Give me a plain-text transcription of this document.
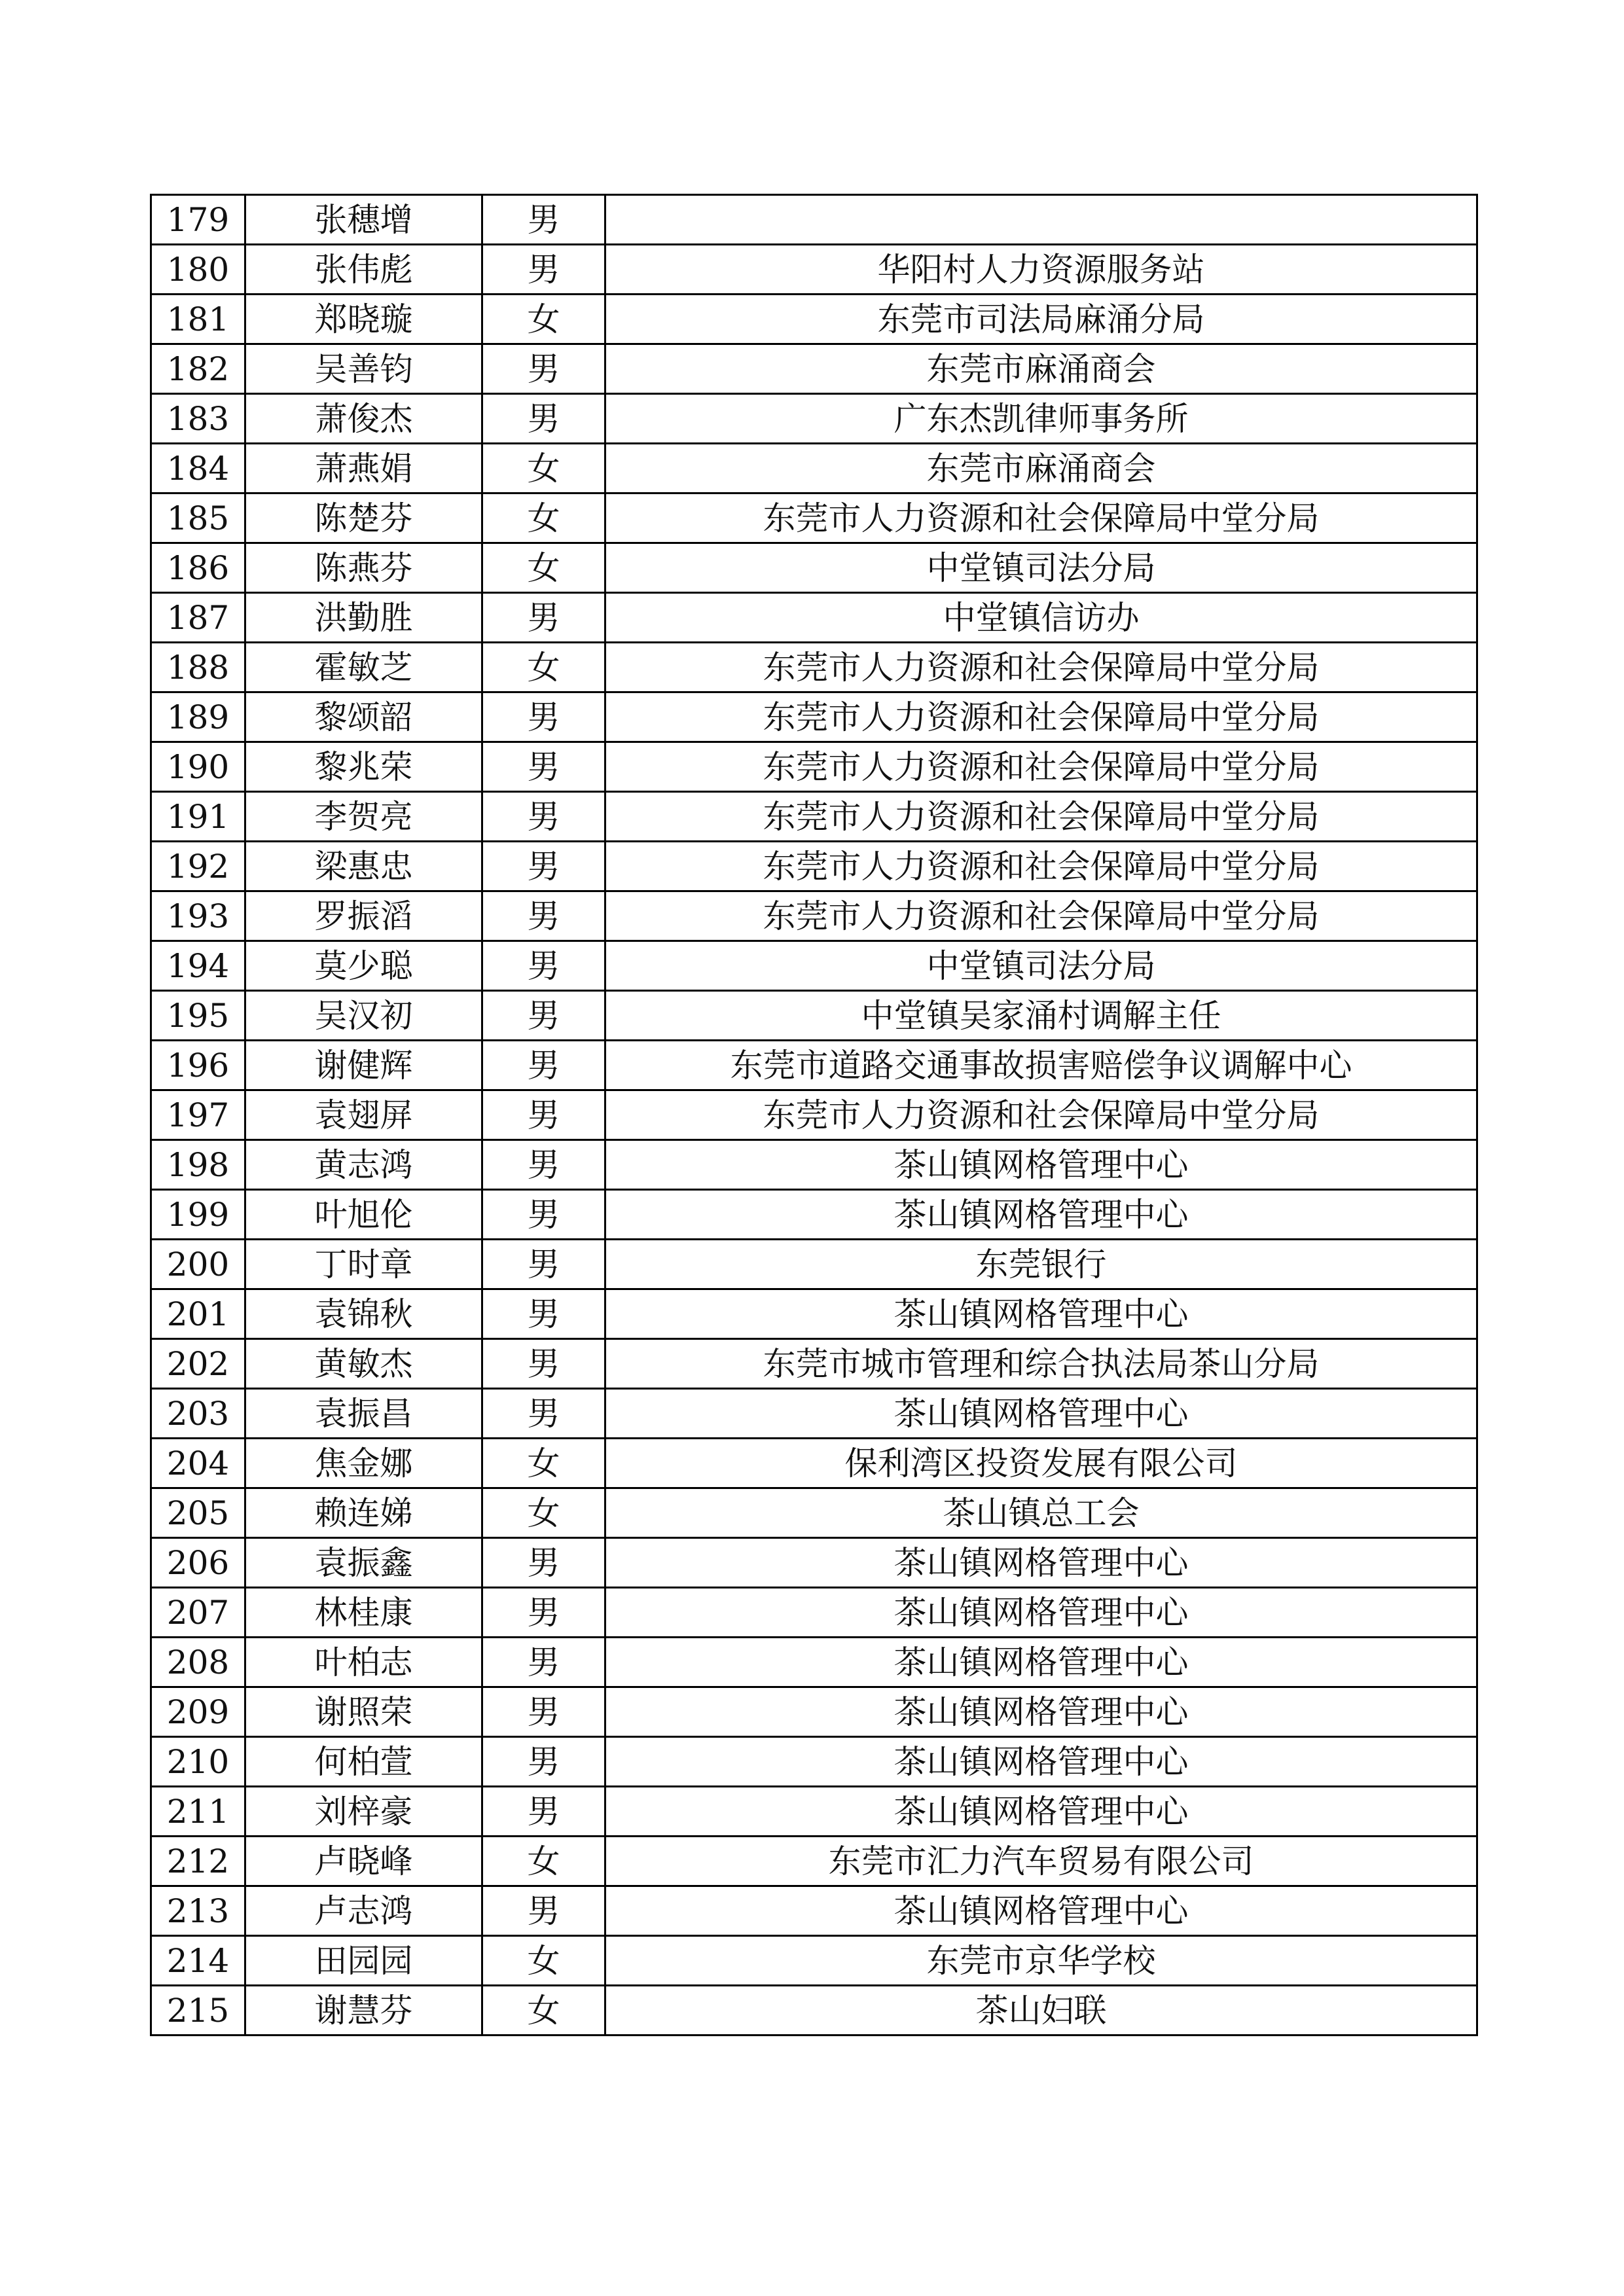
179	张穗增	男	
180	张伟彪	男	华阳村人力资源服务站
181	郑晓璇	女	东莞市司法局麻涌分局
182	吴善钧	男	东莞市麻涌商会
183	萧俊杰	男	广东杰凯律师事务所
184	萧燕娟	女	东莞市麻涌商会
185	陈楚芬	女	东莞市人力资源和社会保障局中堂分局
186	陈燕芬	女	中堂镇司法分局
187	洪勤胜	男	中堂镇信访办
188	霍敏芝	女	东莞市人力资源和社会保障局中堂分局
189	黎颂韶	男	东莞市人力资源和社会保障局中堂分局
190	黎兆荣	男	东莞市人力资源和社会保障局中堂分局
191	李贺亮	男	东莞市人力资源和社会保障局中堂分局
192	梁惠忠	男	东莞市人力资源和社会保障局中堂分局
193	罗振滔	男	东莞市人力资源和社会保障局中堂分局
194	莫少聪	男	中堂镇司法分局
195	吴汉初	男	中堂镇吴家涌村调解主任
196	谢健辉	男	东莞市道路交通事故损害赔偿争议调解中心
197	袁翅屏	男	东莞市人力资源和社会保障局中堂分局
198	黄志鸿	男	茶山镇网格管理中心
199	叶旭伦	男	茶山镇网格管理中心
200	丁时章	男	东莞银行
201	袁锦秋	男	茶山镇网格管理中心
202	黄敏杰	男	东莞市城市管理和综合执法局茶山分局
203	袁振昌	男	茶山镇网格管理中心
204	焦金娜	女	保利湾区投资发展有限公司
205	赖连娣	女	茶山镇总工会
206	袁振鑫	男	茶山镇网格管理中心
207	林桂康	男	茶山镇网格管理中心
208	叶柏志	男	茶山镇网格管理中心
209	谢照荣	男	茶山镇网格管理中心
210	何柏萱	男	茶山镇网格管理中心
211	刘梓豪	男	茶山镇网格管理中心
212	卢晓峰	女	东莞市汇力汽车贸易有限公司
213	卢志鸿	男	茶山镇网格管理中心
214	田园园	女	东莞市京华学校
215	谢慧芬	女	茶山妇联
